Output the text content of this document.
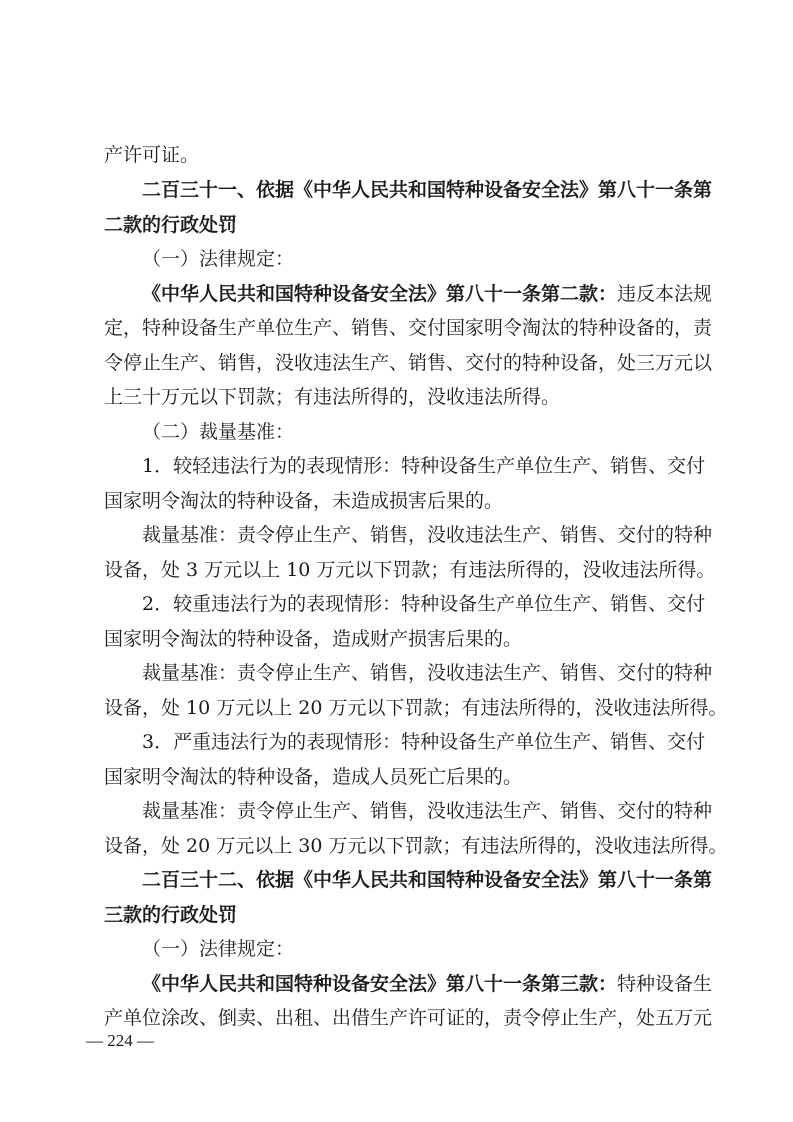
产许可证。
二百三十一、依据《中华人民共和国特种设备安全法》第八十一条第
二款的行政处罚
（一）法律规定：
《中华人民共和国特种设备安全法》第八十一条第二款：违反本法规
定，特种设备生产单位生产、销售、交付国家明令淘汰的特种设备的，责
令停止生产、销售，没收违法生产、销售、交付的特种设备，处三万元以
上三十万元以下罚款；有违法所得的，没收违法所得。
（二）裁量基准：
1．较轻违法行为的表现情形：特种设备生产单位生产、销售、交付
国家明令淘汰的特种设备，未造成损害后果的。
裁量基准：责令停止生产、销售，没收违法生产、销售、交付的特种
设备，处 3 万元以上 10 万元以下罚款；有违法所得的，没收违法所得。
2．较重违法行为的表现情形：特种设备生产单位生产、销售、交付
国家明令淘汰的特种设备，造成财产损害后果的。
裁量基准：责令停止生产、销售，没收违法生产、销售、交付的特种
设备，处 10 万元以上 20 万元以下罚款；有违法所得的，没收违法所得。
3．严重违法行为的表现情形：特种设备生产单位生产、销售、交付
国家明令淘汰的特种设备，造成人员死亡后果的。
裁量基准：责令停止生产、销售，没收违法生产、销售、交付的特种
设备，处 20 万元以上 30 万元以下罚款；有违法所得的，没收违法所得。
二百三十二、依据《中华人民共和国特种设备安全法》第八十一条第
三款的行政处罚
（一）法律规定：
《中华人民共和国特种设备安全法》第八十一条第三款：特种设备生
产单位涂改、倒卖、出租、出借生产许可证的，责令停止生产，处五万元
— 224 —
